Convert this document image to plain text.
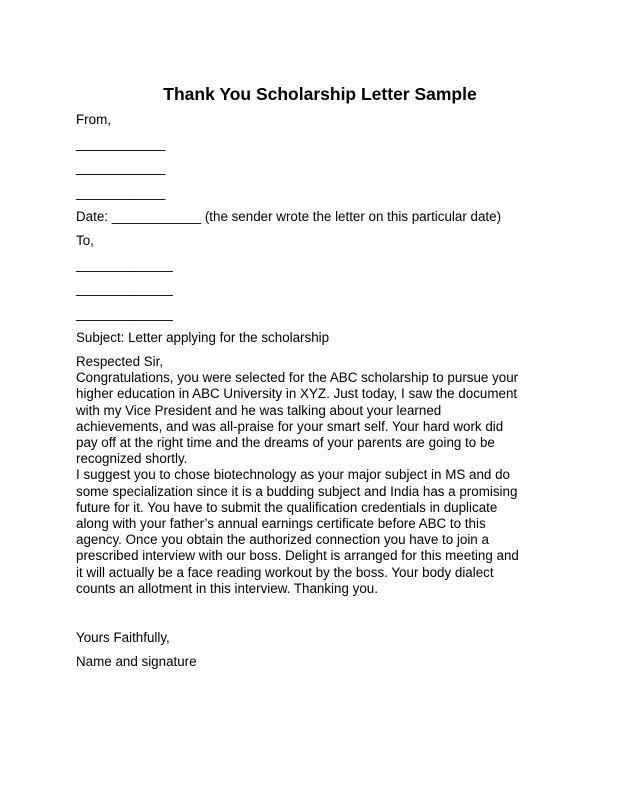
Thank You Scholarship Letter Sample
From,
____________
____________
____________
Date: ____________ (the sender wrote the letter on this particular date)
To,
_____________
_____________
_____________
Subject: Letter applying for the scholarship
Respected Sir,
Congratulations, you were selected for the ABC scholarship to pursue your
higher education in ABC University in XYZ. Just today, I saw the document
with my Vice President and he was talking about your learned
achievements, and was all-praise for your smart self. Your hard work did
pay off at the right time and the dreams of your parents are going to be
recognized shortly.
I suggest you to chose biotechnology as your major subject in MS and do
some specialization since it is a budding subject and India has a promising
future for it. You have to submit the qualification credentials in duplicate
along with your father’s annual earnings certificate before ABC to this
agency. Once you obtain the authorized connection you have to join a
prescribed interview with our boss. Delight is arranged for this meeting and
it will actually be a face reading workout by the boss. Your body dialect
counts an allotment in this interview. Thanking you.
Yours Faithfully,
Name and signature
